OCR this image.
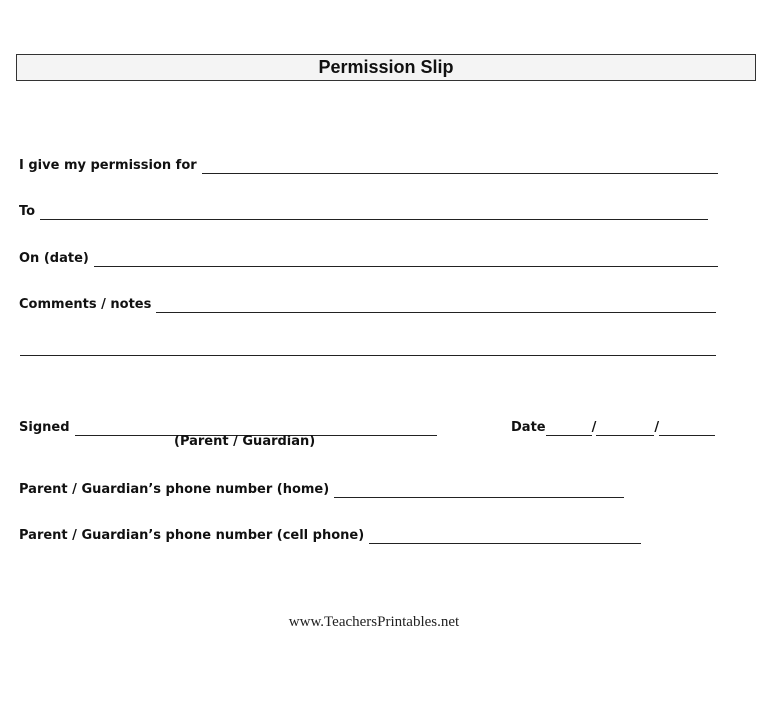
Permission Slip
I give my permission for
To
On (date)
Comments / notes
Signed
(Parent / Guardian)
Date	/	/
Parent / Guardian’s phone number (home)
Parent / Guardian’s phone number (cell phone)
www.TeachersPrintables.net
